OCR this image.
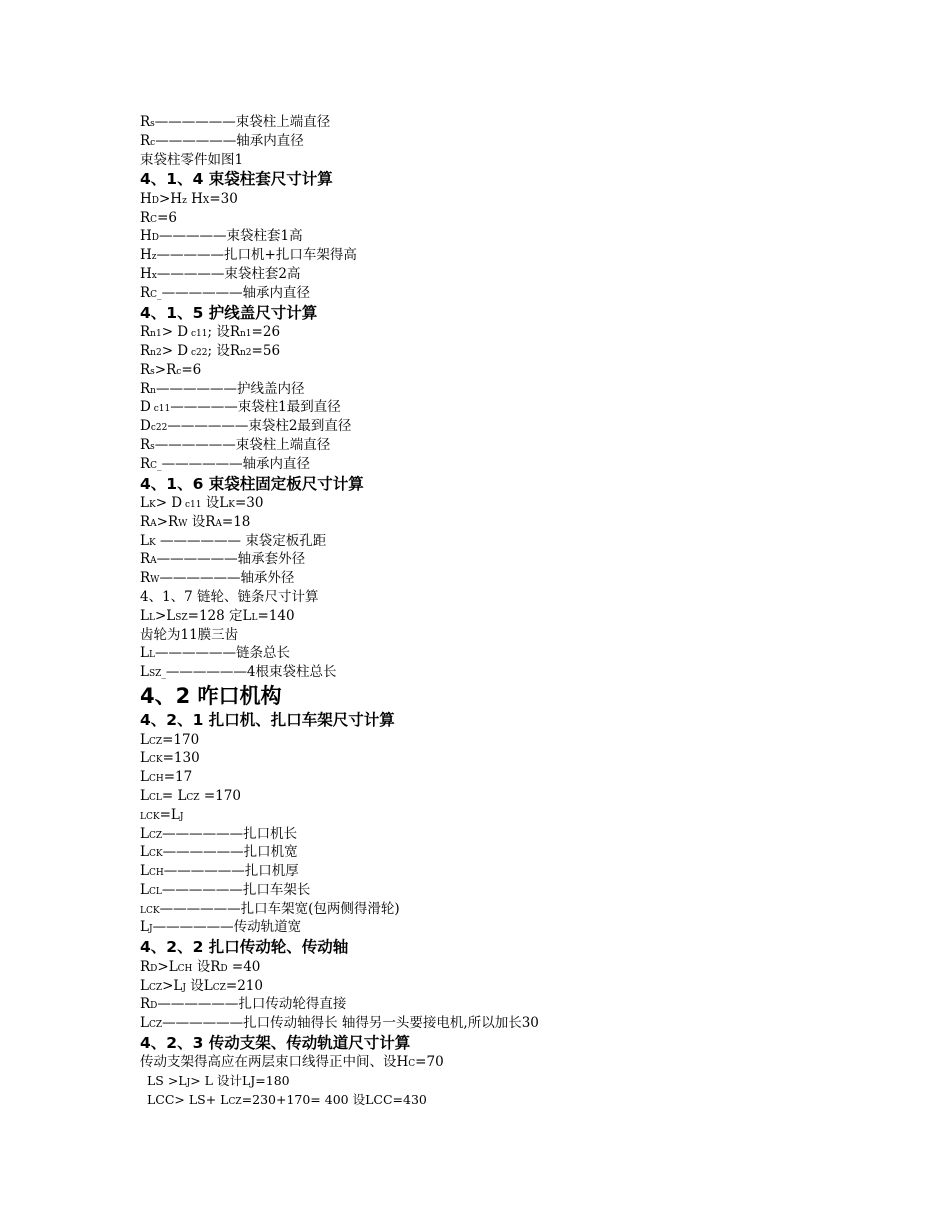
Rs——————束袋柱上端直径
Rc——————轴承内直径
束袋柱零件如图1
4、1、4 束袋柱套尺寸计算
HD>Hz HX=30
RC=6
HD—————束袋柱套1高
Hz—————扎口机+扎口车架得高
Hx—————束袋柱套2高
RC_——————轴承内直径
4、1、5 护线盖尺寸计算
Rn1> D c11; 设Rn1=26
Rn2> D c22; 设Rn2=56
Rs>Rc=6
Rn——————护线盖内径
D c11—————束袋柱1最到直径
Dc22——————束袋柱2最到直径
Rs——————束袋柱上端直径
RC_——————轴承内直径
4、1、6 束袋柱固定板尺寸计算
LK> D c11 设LK=30
RA>RW 设RA=18
LK —————— 束袋定板孔距
RA——————轴承套外径
RW——————轴承外径
4、1、7 链轮、链条尺寸计算
LL>LSZ=128 定LL=140
齿轮为11膜三齿
LL——————链条总长
LSZ_——————4根束袋柱总长
4、2 咋口机构
4、2、1 扎口机、扎口车架尺寸计算
LCZ=170
LCK=130
LCH=17
LCL= LCZ =170
LCK=LJ
LCZ——————扎口机长
LCK——————扎口机宽
LCH——————扎口机厚
LCL——————扎口车架长
LCK——————扎口车架宽(包两侧得滑轮)
LJ——————传动轨道宽
4、2、2 扎口传动轮、传动轴
RD>LCH 设RD =40
LCZ>LJ 设LCZ=210
RD——————扎口传动轮得直接
LCZ——————扎口传动轴得长 轴得另一头要接电机,所以加长30
4、2、3 传动支架、传动轨道尺寸计算
传动支架得高应在两层束口线得正中间、设HC=70
LS >LJ> L 设计LJ=180
LCC> LS+ LCZ=230+170= 400 设LCC=430
